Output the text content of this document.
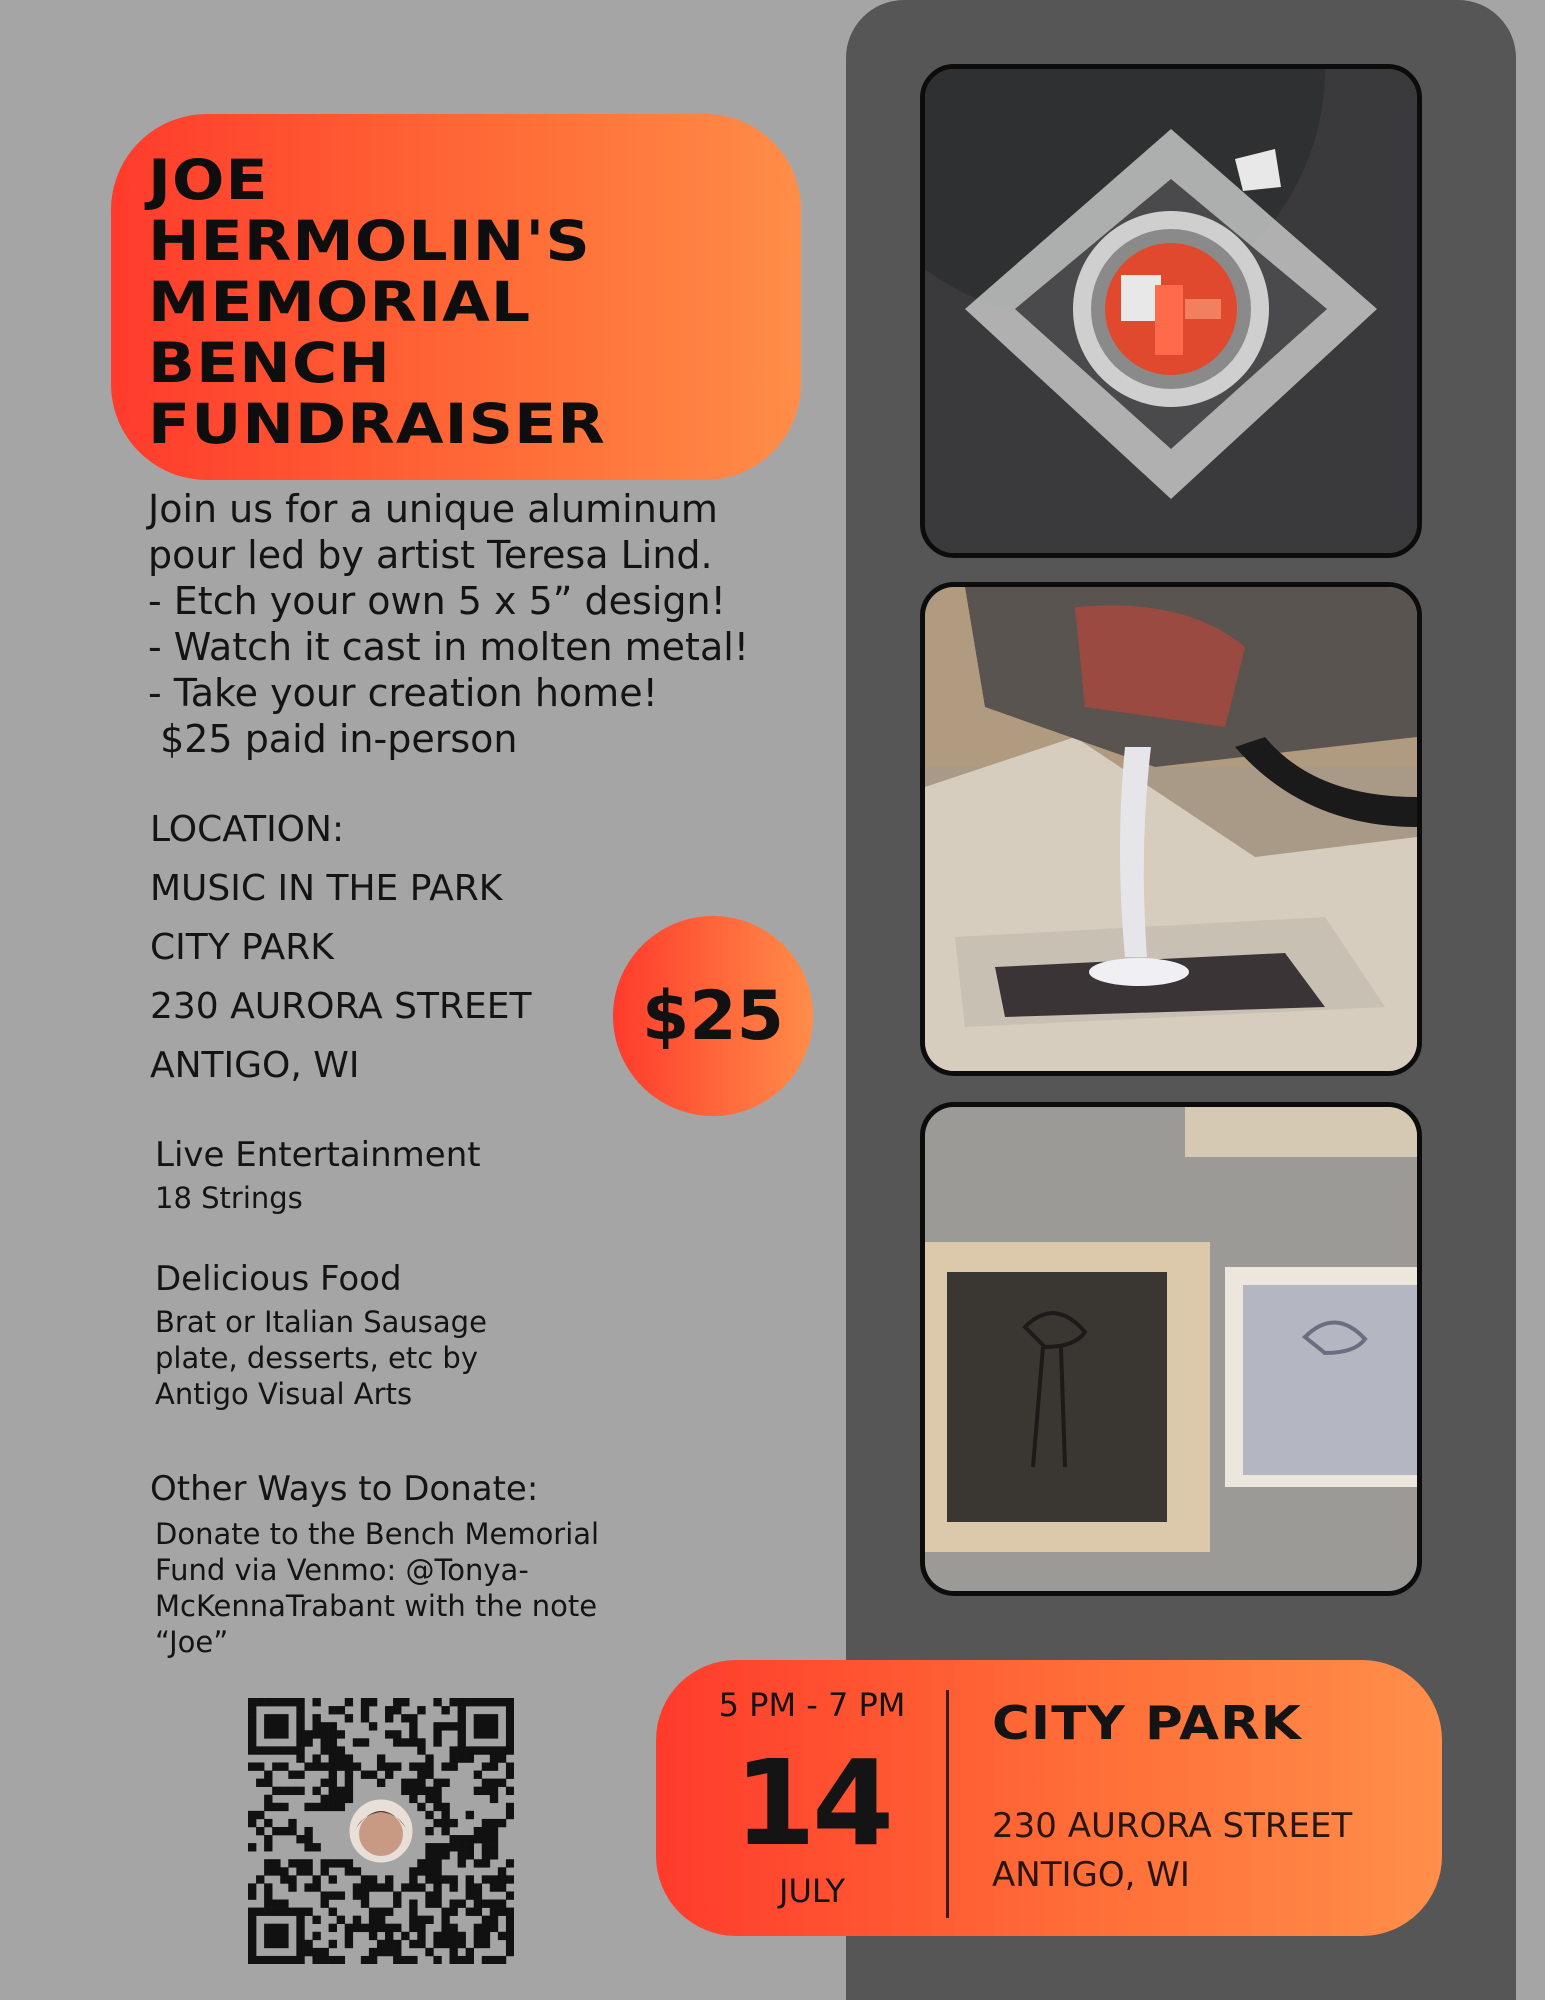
JOE
HERMOLIN'S
MEMORIAL
BENCH
FUNDRAISER
Join us for a unique aluminum
pour led by artist Teresa Lind.
- Etch your own 5 x 5” design!
- Watch it cast in molten metal!
- Take your creation home!
$25 paid in-person
LOCATION:
MUSIC IN THE PARK
CITY PARK
230 AURORA STREET
ANTIGO, WI
$25
Live Entertainment
18 Strings
Delicious Food
Brat or Italian Sausage plate, desserts, etc by Antigo Visual Arts
Other Ways to Donate:
Donate to the Bench Memorial Fund via Venmo: @Tonya-McKennaTrabant with the note “Joe”
5 PM - 7 PM
14
JULY
CITY PARK
230 AURORA STREET
ANTIGO, WI
